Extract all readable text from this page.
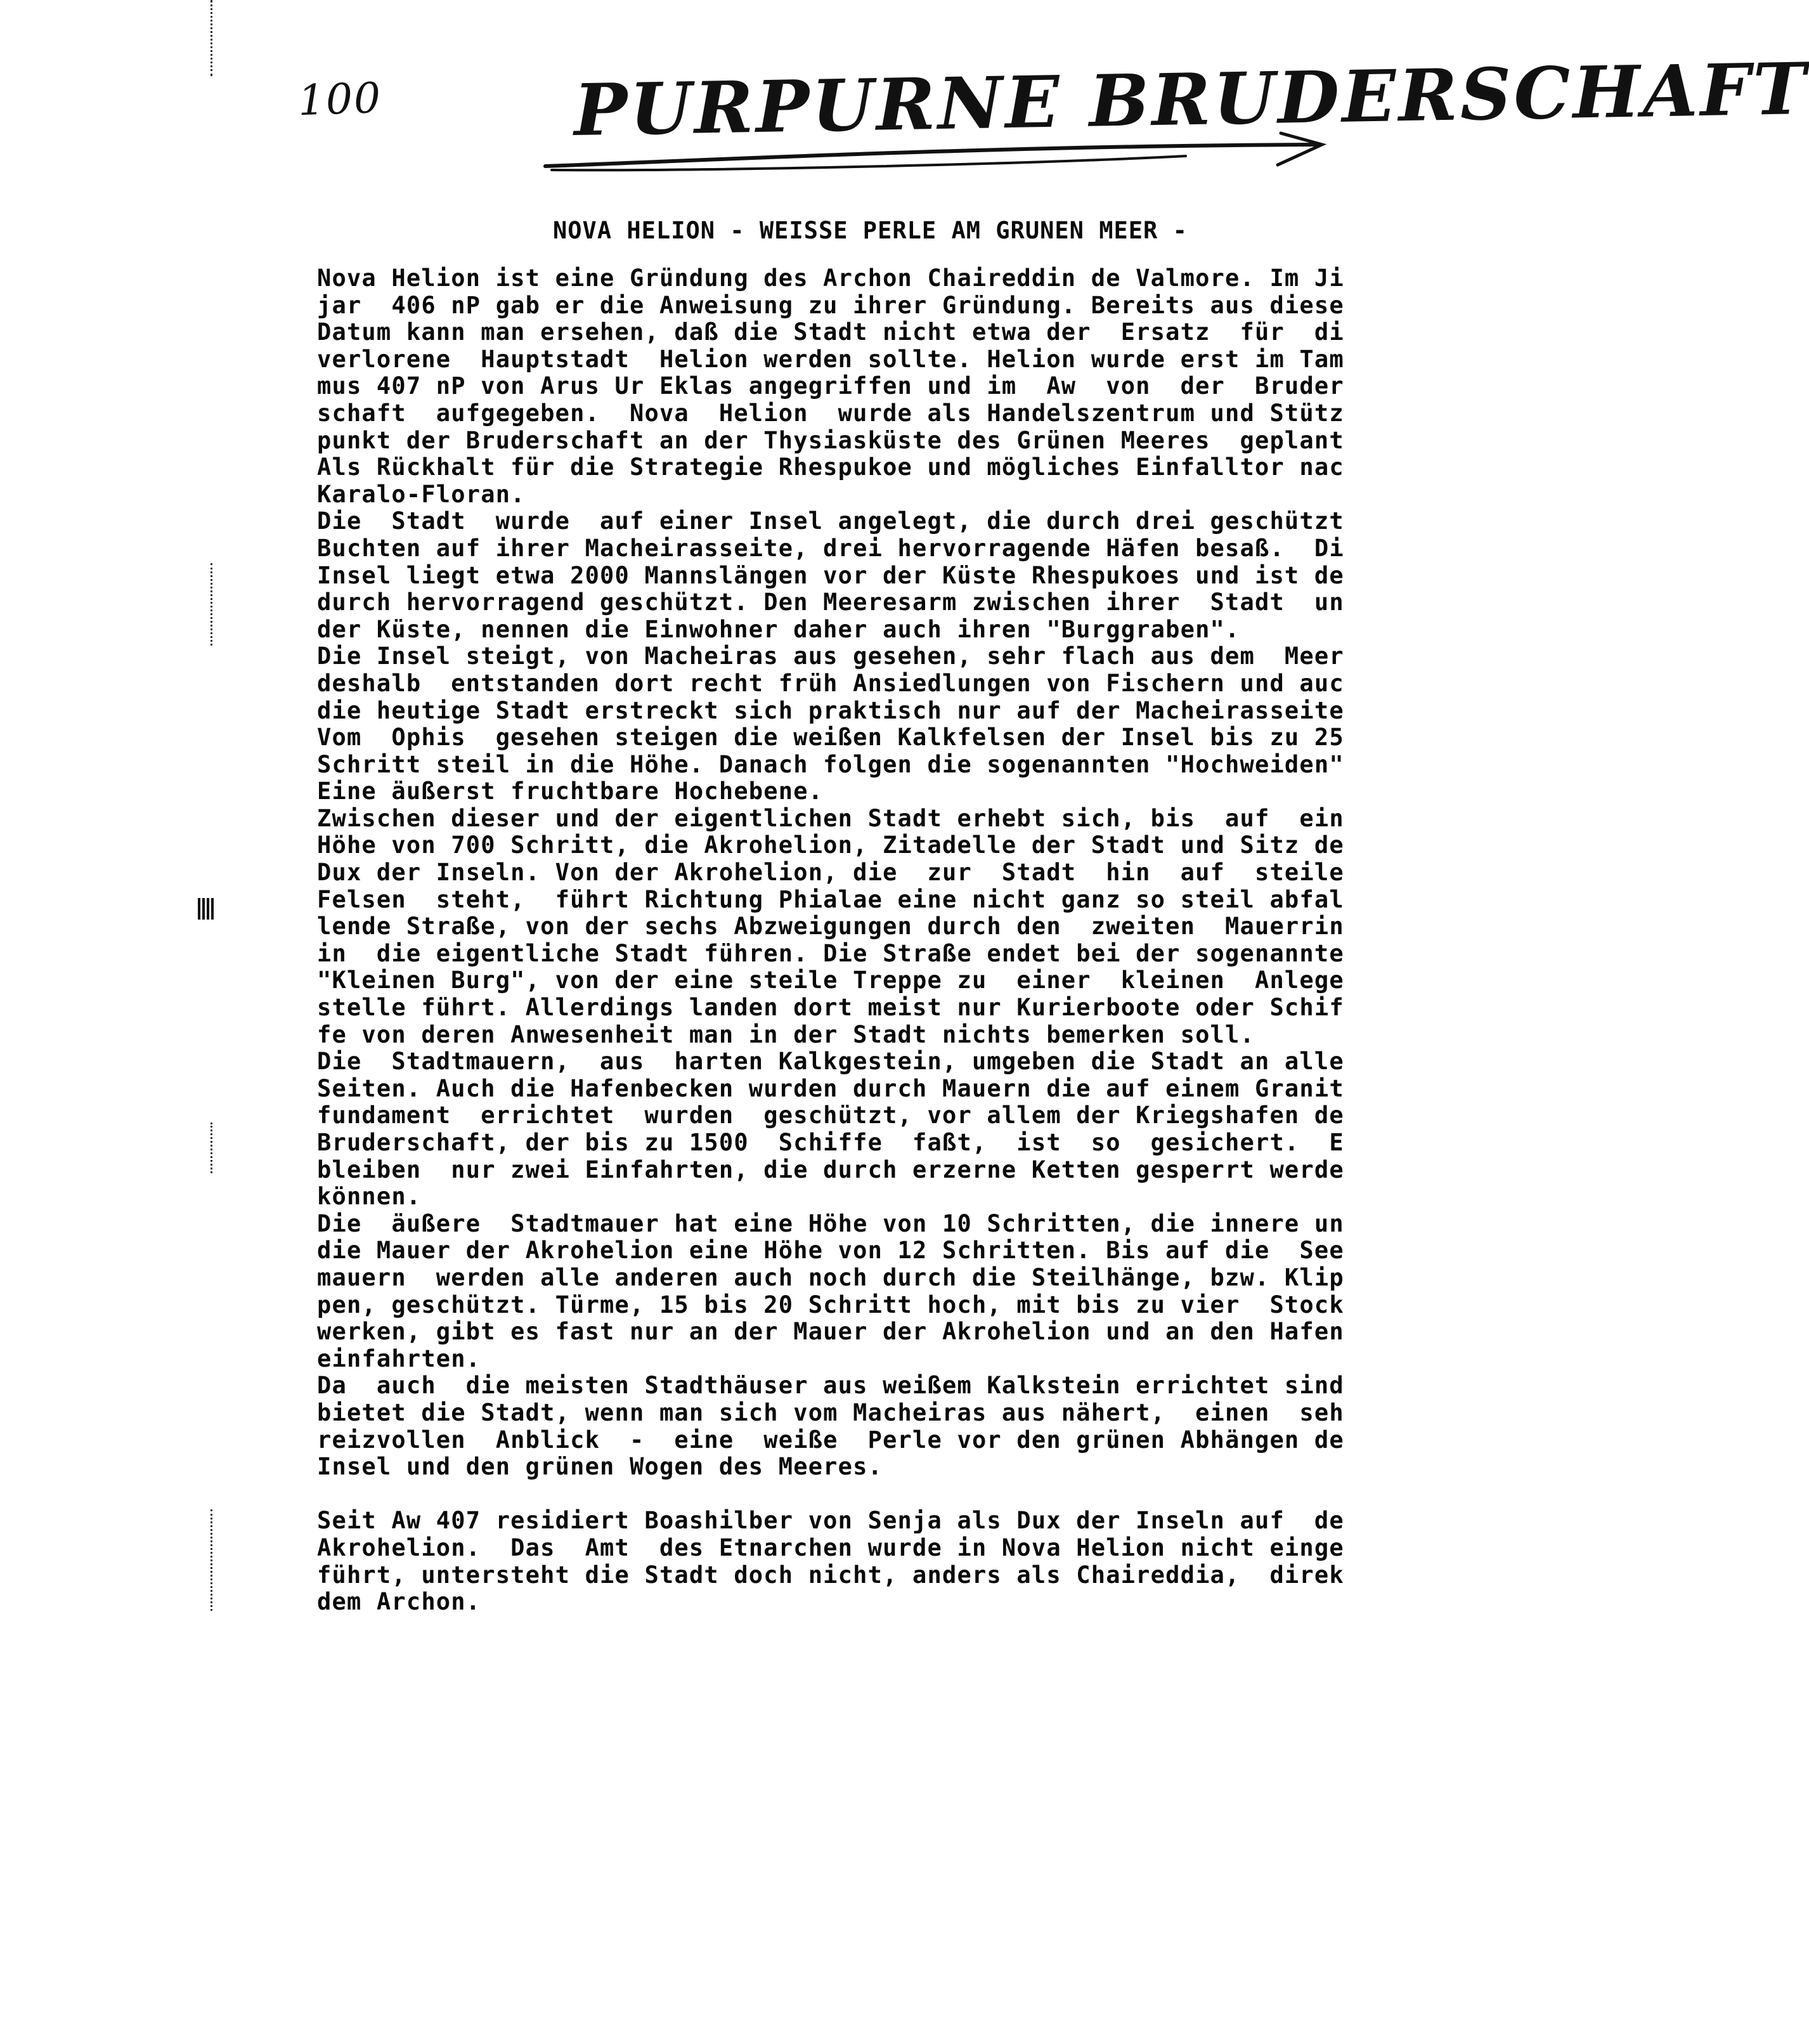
100	PURPURNE BRUDERSCHAFT
NOVA HELION - WEISSE PERLE AM GRUNEN MEER -
Nova Helion ist eine Gründung des Archon Chaireddin de Valmore. Im Ji
jar  406 nP gab er die Anweisung zu ihrer Gründung. Bereits aus diese
Datum kann man ersehen, daß die Stadt nicht etwa der  Ersatz  für  di
verlorene  Hauptstadt  Helion werden sollte. Helion wurde erst im Tam
mus 407 nP von Arus Ur Eklas angegriffen und im  Aw  von  der  Bruder
schaft  aufgegeben.  Nova  Helion  wurde als Handelszentrum und Stütz
punkt der Bruderschaft an der Thysiasküste des Grünen Meeres  geplant
Als Rückhalt für die Strategie Rhespukoe und mögliches Einfalltor nac
Karalo-Floran.
Die  Stadt  wurde  auf einer Insel angelegt, die durch drei geschützt
Buchten auf ihrer Macheirasseite, drei hervorragende Häfen besaß.  Di
Insel liegt etwa 2000 Mannslängen vor der Küste Rhespukoes und ist de
durch hervorragend geschützt. Den Meeresarm zwischen ihrer  Stadt  un
der Küste, nennen die Einwohner daher auch ihren "Burggraben".
Die Insel steigt, von Macheiras aus gesehen, sehr flach aus dem  Meer
deshalb  entstanden dort recht früh Ansiedlungen von Fischern und auc
die heutige Stadt erstreckt sich praktisch nur auf der Macheirasseite
Vom  Ophis  gesehen steigen die weißen Kalkfelsen der Insel bis zu 25
Schritt steil in die Höhe. Danach folgen die sogenannten "Hochweiden"
Eine äußerst fruchtbare Hochebene.
Zwischen dieser und der eigentlichen Stadt erhebt sich, bis  auf  ein
Höhe von 700 Schritt, die Akrohelion, Zitadelle der Stadt und Sitz de
Dux der Inseln. Von der Akrohelion, die  zur  Stadt  hin  auf  steile
Felsen  steht,  führt Richtung Phialae eine nicht ganz so steil abfal
lende Straße, von der sechs Abzweigungen durch den  zweiten  Mauerrin
in  die eigentliche Stadt führen. Die Straße endet bei der sogenannte
"Kleinen Burg", von der eine steile Treppe zu  einer  kleinen  Anlege
stelle führt. Allerdings landen dort meist nur Kurierboote oder Schif
fe von deren Anwesenheit man in der Stadt nichts bemerken soll.
Die  Stadtmauern,  aus  harten Kalkgestein, umgeben die Stadt an alle
Seiten. Auch die Hafenbecken wurden durch Mauern die auf einem Granit
fundament  errichtet  wurden  geschützt, vor allem der Kriegshafen de
Bruderschaft, der bis zu 1500  Schiffe  faßt,  ist  so  gesichert.  E
bleiben  nur zwei Einfahrten, die durch erzerne Ketten gesperrt werde
können.
Die  äußere  Stadtmauer hat eine Höhe von 10 Schritten, die innere un
die Mauer der Akrohelion eine Höhe von 12 Schritten. Bis auf die  See
mauern  werden alle anderen auch noch durch die Steilhänge, bzw. Klip
pen, geschützt. Türme, 15 bis 20 Schritt hoch, mit bis zu vier  Stock
werken, gibt es fast nur an der Mauer der Akrohelion und an den Hafen
einfahrten.
Da  auch  die meisten Stadthäuser aus weißem Kalkstein errichtet sind
bietet die Stadt, wenn man sich vom Macheiras aus nähert,  einen  seh
reizvollen  Anblick  -  eine  weiße  Perle vor den grünen Abhängen de
Insel und den grünen Wogen des Meeres.
Seit Aw 407 residiert Boashilber von Senja als Dux der Inseln auf  de
Akrohelion.  Das  Amt  des Etnarchen wurde in Nova Helion nicht einge
führt, untersteht die Stadt doch nicht, anders als Chaireddia,  direk
dem Archon.
